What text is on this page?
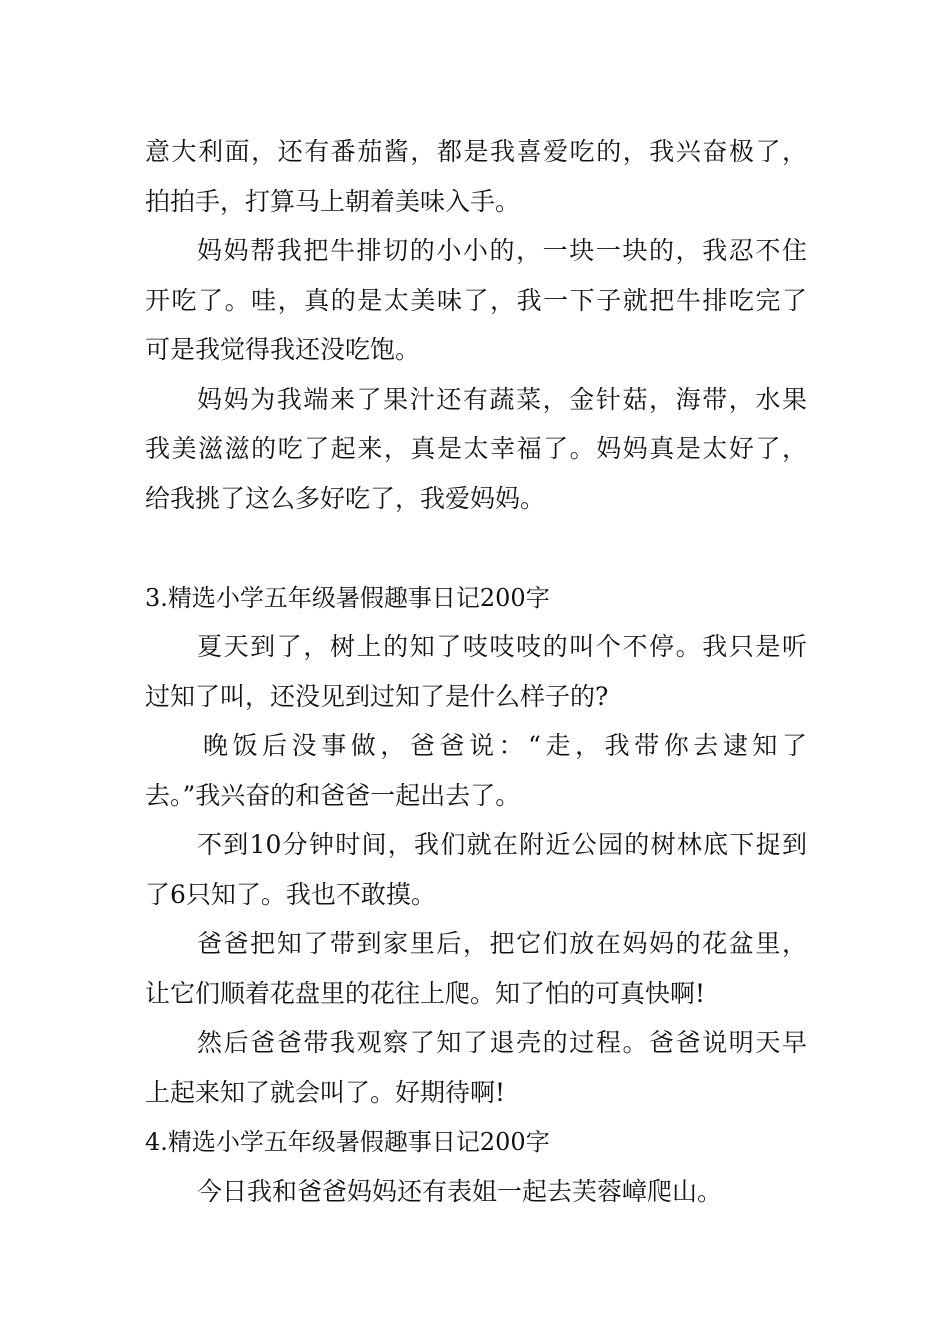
意大利面，还有番茄酱，都是我喜爱吃的，我兴奋极了，
拍拍手，打算马上朝着美味入手。
妈妈帮我把牛排切的小小的，一块一块的，我忍不住
开吃了。哇，真的是太美味了，我一下子就把牛排吃完了
可是我觉得我还没吃饱。
妈妈为我端来了果汁还有蔬菜，金针菇，海带，水果
我美滋滋的吃了起来，真是太幸福了。妈妈真是太好了，
给我挑了这么多好吃了，我爱妈妈。
3.精选小学五年级暑假趣事日记200字
夏天到了，树上的知了吱吱吱的叫个不停。我只是听
过知了叫，还没见到过知了是什么样子的?
晚饭后没事做，爸爸说：“走，我带你去逮知了
去。”我兴奋的和爸爸一起出去了。
不到10分钟时间，我们就在附近公园的树林底下捉到
了6只知了。我也不敢摸。
爸爸把知了带到家里后，把它们放在妈妈的花盆里，
让它们顺着花盘里的花往上爬。知了怕的可真快啊!
然后爸爸带我观察了知了退壳的过程。爸爸说明天早
上起来知了就会叫了。好期待啊!
4.精选小学五年级暑假趣事日记200字
今日我和爸爸妈妈还有表姐一起去芙蓉嶂爬山。
